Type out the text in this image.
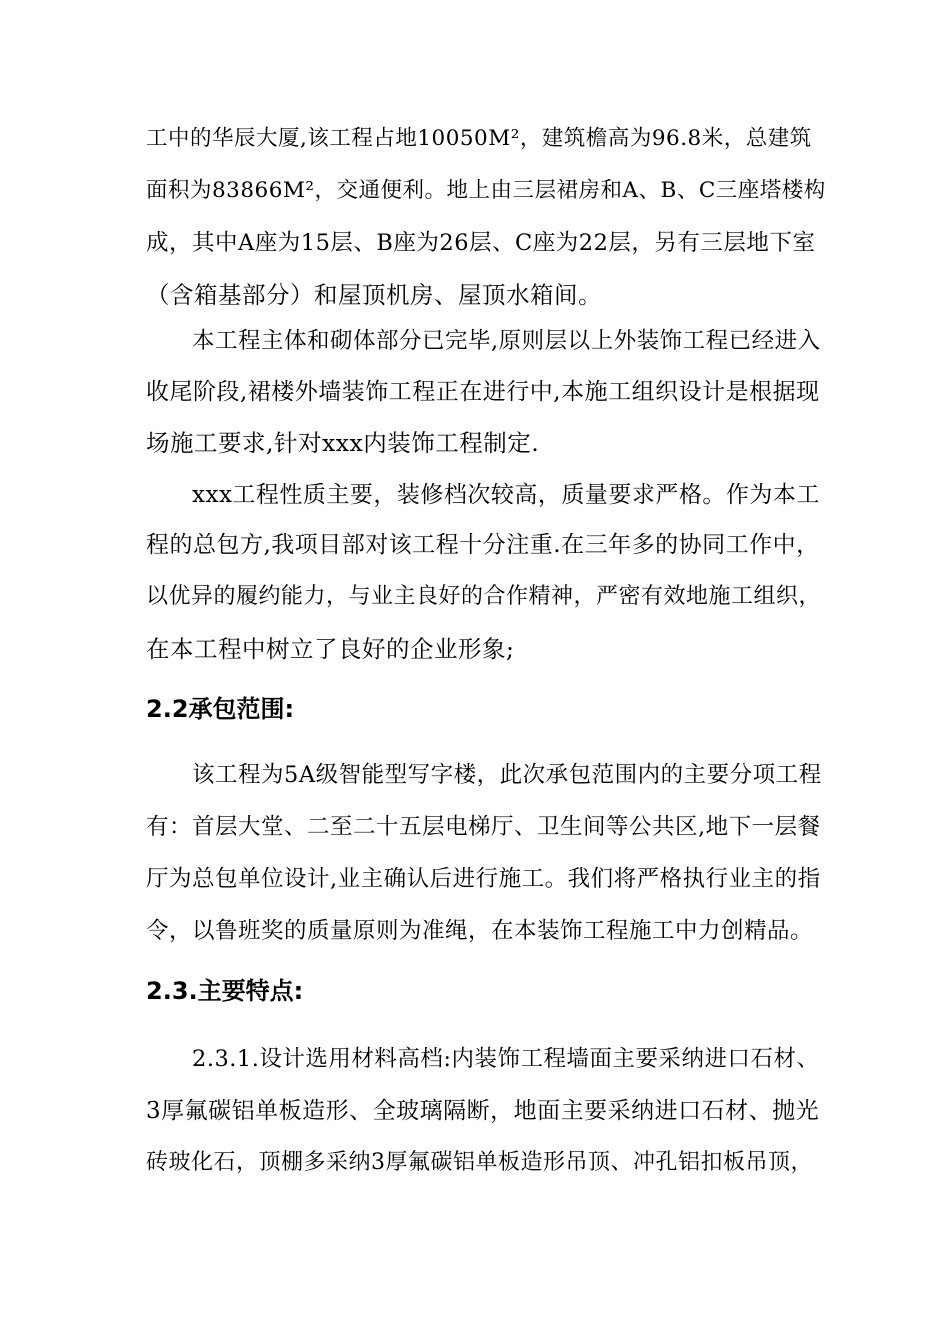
工中的华辰大厦,该工程占地10050M²，建筑檐高为96.8米，总建筑
面积为83866M²，交通便利。地上由三层裙房和A、B、C三座塔楼构
成，其中A座为15层、B座为26层、C座为22层，另有三层地下室
（含箱基部分）和屋顶机房、屋顶水箱间。
本工程主体和砌体部分已完毕,原则层以上外装饰工程已经进入
收尾阶段,裙楼外墙装饰工程正在进行中,本施工组织设计是根据现
场施工要求,针对xxx内装饰工程制定.
xxx工程性质主要，装修档次较高，质量要求严格。作为本工
程的总包方,我项目部对该工程十分注重.在三年多的协同工作中，
以优异的履约能力，与业主良好的合作精神，严密有效地施工组织，
在本工程中树立了良好的企业形象;
2.2承包范围:
该工程为5A级智能型写字楼，此次承包范围内的主要分项工程
有：首层大堂、二至二十五层电梯厅、卫生间等公共区,地下一层餐
厅为总包单位设计,业主确认后进行施工。我们将严格执行业主的指
令，以鲁班奖的质量原则为准绳，在本装饰工程施工中力创精品。
2.3.主要特点:
2.3.1.设计选用材料高档:内装饰工程墙面主要采纳进口石材、
3厚氟碳铝单板造形、全玻璃隔断，地面主要采纳进口石材、抛光
砖玻化石，顶棚多采纳3厚氟碳铝单板造形吊顶、冲孔铝扣板吊顶，
